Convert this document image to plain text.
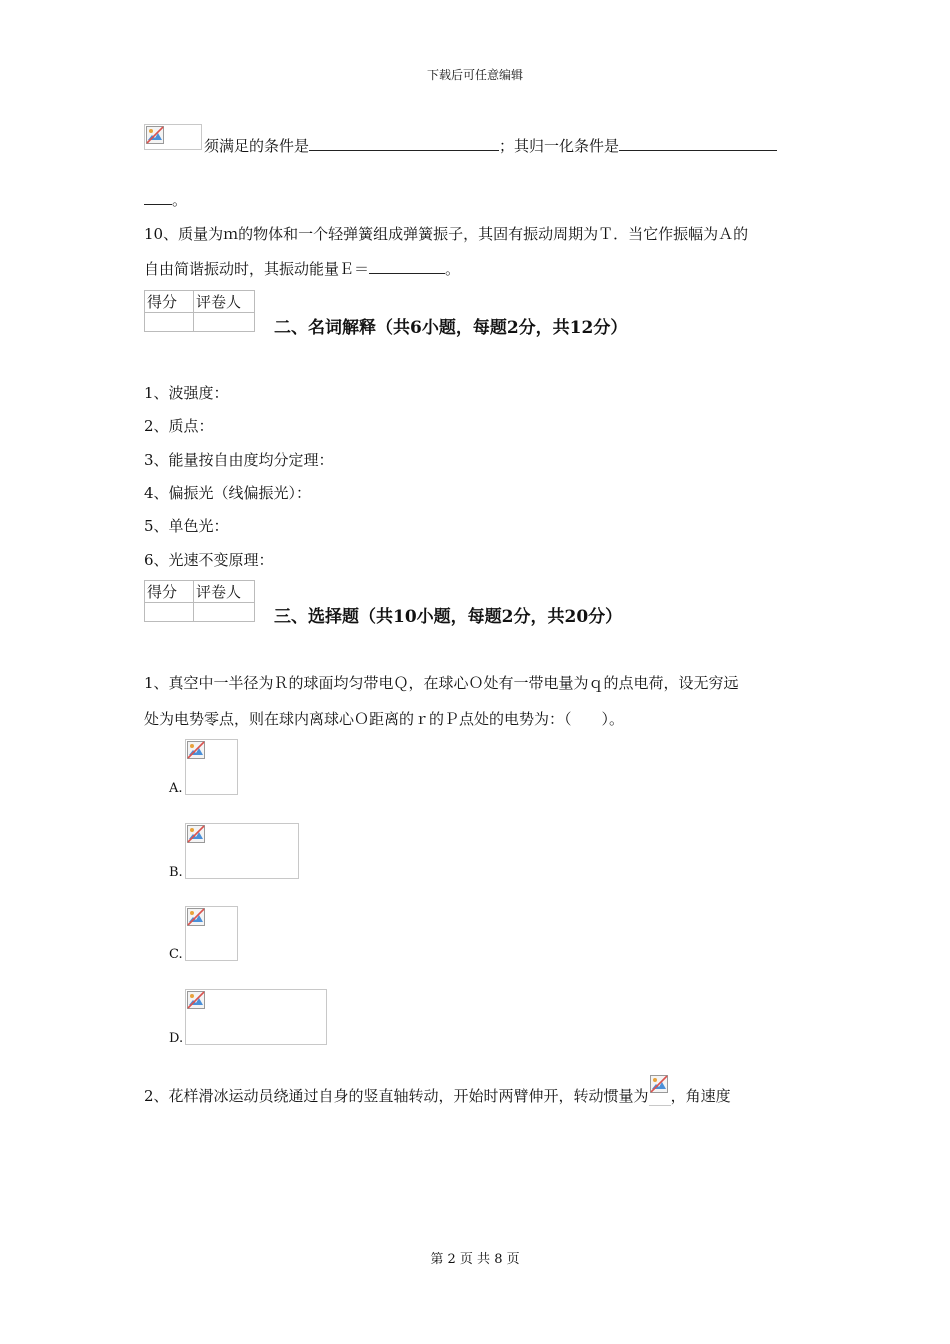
下载后可任意编辑
须满足的条件是	；其归一化条件是
。
10、质量为ｍ的物体和一个轻弹簧组成弹簧振子，其固有振动周期为Ｔ．当它作振幅为Ａ的
自由简谐振动时，其振动能量Ｅ＝	。
得分	评卷人

二、名词解释（共6小题，每题2分，共12分）
1、波强度：
2、质点：
3、能量按自由度均分定理：
4、偏振光（线偏振光）：
5、单色光：
6、光速不变原理：
得分	评卷人

三、选择题（共10小题，每题2分，共20分）
1、真空中一半径为Ｒ的球面均匀带电Ｑ，在球心Ｏ处有一带电量为ｑ的点电荷，设无穷远
处为电势零点，则在球内离球心Ｏ距离的ｒ的Ｐ点处的电势为：（　　）。
A.
B.
C.
D.
2、花样滑冰运动员绕通过自身的竖直轴转动，开始时两臂伸开，转动惯量为 ，角速度
第 2 页 共 8 页
